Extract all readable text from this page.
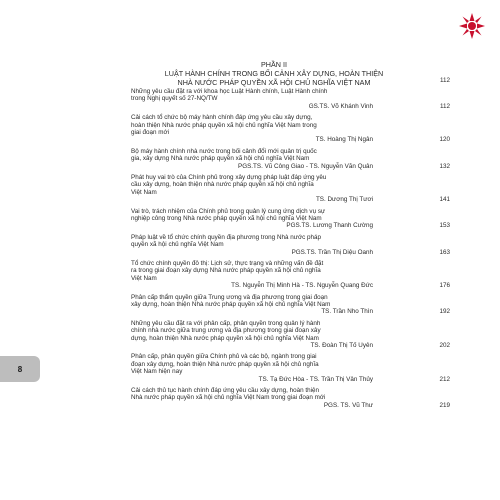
8
PHẦN II
LUẬT HÀNH CHÍNH TRONG BỐI CẢNH XÂY DỰNG, HOÀN THIỆN
NHÀ NƯỚC PHÁP QUYỀN XÃ HỘI CHỦ NGHĨA VIỆT NAM	112
Những yêu cầu đặt ra với khoa học Luật Hành chính, Luật Hành chính
trong Nghị quyết số 27-NQ/TW
GS.TS. Võ Khánh Vinh	112
Cải cách tổ chức bộ máy hành chính đáp ứng yêu cầu xây dựng,
hoàn thiện Nhà nước pháp quyền xã hội chủ nghĩa Việt Nam trong
giai đoạn mới
TS. Hoàng Thị Ngân	120
Bộ máy hành chính nhà nước trong bối cảnh đổi mới quản trị quốc
gia, xây dựng Nhà nước pháp quyền xã hội chủ nghĩa Việt Nam
PGS.TS. Vũ Công Giao - TS. Nguyễn Văn Quân	132
Phát huy vai trò của Chính phủ trong xây dựng pháp luật đáp ứng yêu
cầu xây dựng, hoàn thiện nhà nước pháp quyền xã hội chủ nghĩa
Việt Nam
TS. Dương Thị Tươi	141
Vai trò, trách nhiệm của Chính phủ trong quản lý cung ứng dịch vụ sự
nghiệp công trong Nhà nước pháp quyền xã hội chủ nghĩa Việt Nam
PGS.TS. Lương Thanh Cường	153
Pháp luật về tổ chức chính quyền địa phương trong Nhà nước pháp
quyền xã hội chủ nghĩa Việt Nam
PGS.TS. Trần Thị Diệu Oanh	163
Tổ chức chính quyền đô thị: Lịch sử, thực trạng và những vấn đề đặt
ra trong giai đoạn xây dựng Nhà nước pháp quyền xã hội chủ nghĩa
Việt Nam
TS. Nguyễn Thị Minh Hà - TS. Nguyễn Quang Đức	176
Phân cấp thẩm quyền giữa Trung ương và địa phương trong giai đoạn
xây dựng, hoàn thiện Nhà nước pháp quyền xã hội chủ nghĩa Việt Nam
TS. Trần Nho Thìn	192
Những yêu cầu đặt ra với phân cấp, phân quyền trong quản lý hành
chính nhà nước giữa trung ương và địa phương trong giai đoạn xây
dựng, hoàn thiện Nhà nước pháp quyền xã hội chủ nghĩa Việt Nam
TS. Đoàn Thị Tố Uyên	202
Phân cấp, phân quyền giữa Chính phủ và các bộ, ngành trong giai
đoạn xây dựng, hoàn thiện Nhà nước pháp quyền xã hội chủ nghĩa
Việt Nam hiện nay
TS. Tạ Đức Hòa - TS. Trần Thị Vân Thủy	212
Cải cách thủ tục hành chính đáp ứng yêu cầu xây dựng, hoàn thiện
Nhà nước pháp quyền xã hội chủ nghĩa Việt Nam trong giai đoạn mới
PGS. TS. Vũ Thư	219
